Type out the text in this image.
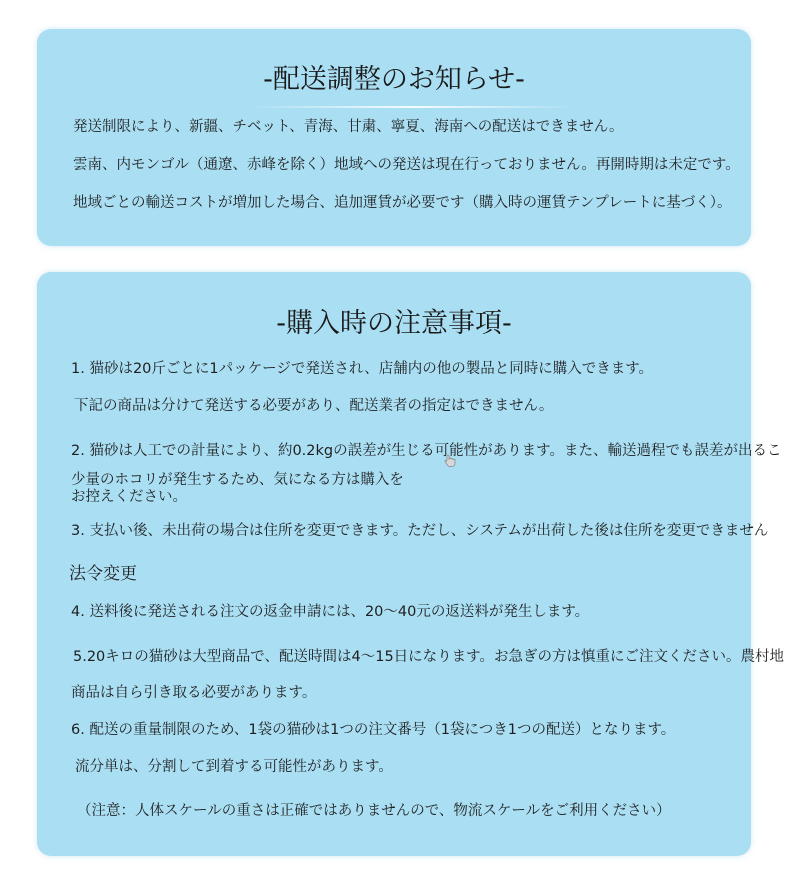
-配送調整のお知らせ-
発送制限により、新疆、チベット、青海、甘粛、寧夏、海南への配送はできません。
雲南、内モンゴル（通遼、赤峰を除く）地域への発送は現在行っておりません。再開時期は未定です。
地域ごとの輸送コストが増加した場合、追加運賃が必要です（購入時の運賃テンプレートに基づく）。
-購入時の注意事項-
1. 猫砂は20斤ごとに1パッケージで発送され、店舗内の他の製品と同時に購入できます。
下記の商品は分けて発送する必要があり、配送業者の指定はできません。
2. 猫砂は人工での計量により、約0.2kgの誤差が生じる可能性があります。また、輸送過程でも誤差が出るこ
少量のホコリが発生するため、気になる方は購入を
お控えください。
3. 支払い後、未出荷の場合は住所を変更できます。ただし、システムが出荷した後は住所を変更できません
法令変更
4. 送料後に発送される注文の返金申請には、20～40元の返送料が発生します。
5.20キロの猫砂は大型商品で、配送時間は4～15日になります。お急ぎの方は慎重にご注文ください。農村地
商品は自ら引き取る必要があります。
6. 配送の重量制限のため、1袋の猫砂は1つの注文番号（1袋につき1つの配送）となります。
流分単は、分割して到着する可能性があります。
（注意：人体スケールの重さは正確ではありませんので、物流スケールをご利用ください）
